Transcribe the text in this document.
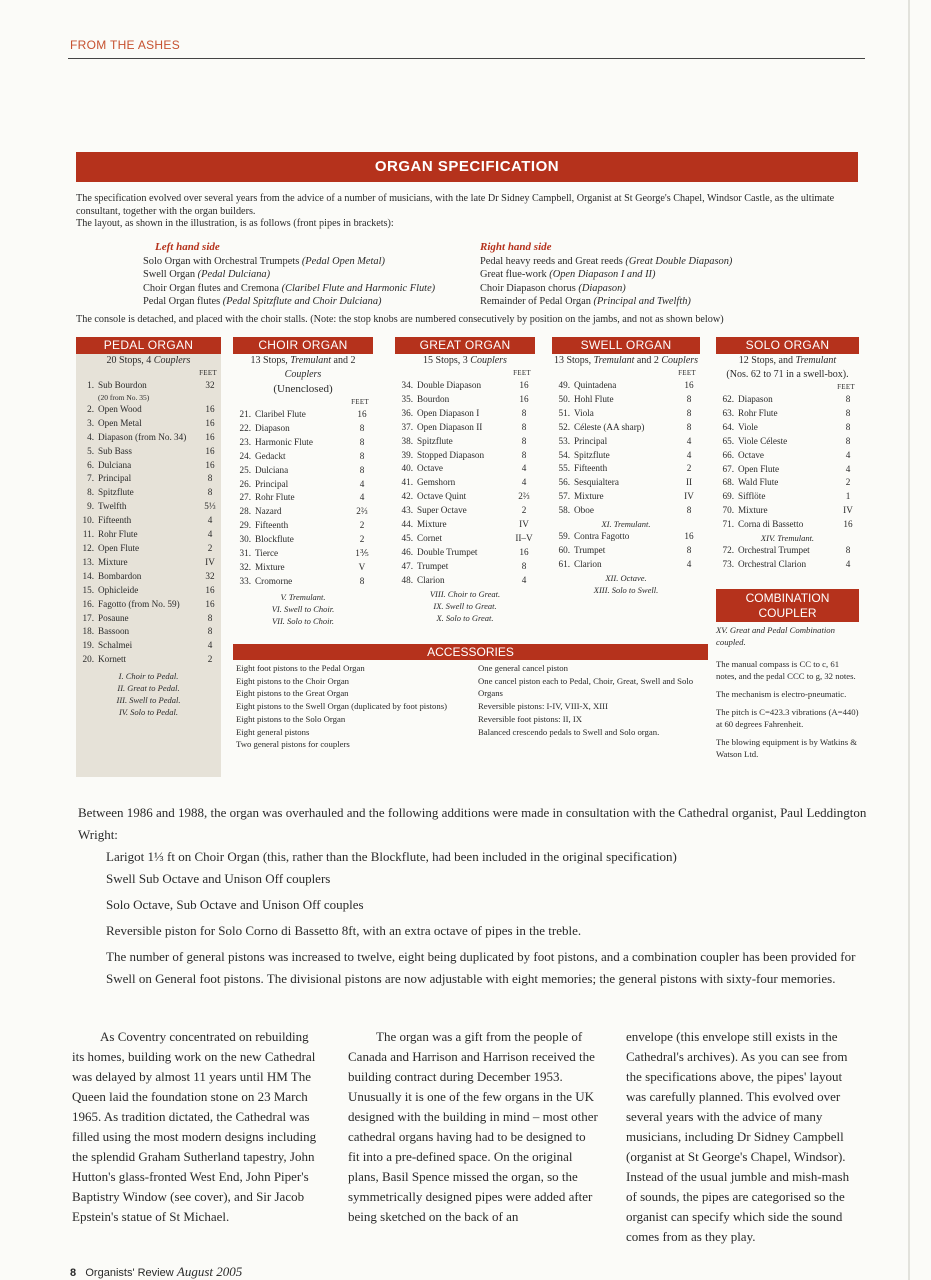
FROM THE ASHES
ORGAN SPECIFICATION
The specification evolved over several years from the advice of a number of musicians, with the late Dr Sidney Campbell, Organist at St George's Chapel, Windsor Castle, as the ultimate consultant, together with the organ builders.
The layout, as shown in the illustration, is as follows (front pipes in brackets):
Left hand side
Solo Organ with Orchestral Trumpets (Pedal Open Metal)
Swell Organ (Pedal Dulciana)
Choir Organ flutes and Cremona (Claribel Flute and Harmonic Flute)
Pedal Organ flutes (Pedal Spitzflute and Choir Dulciana)
Right hand side
Pedal heavy reeds and Great reeds (Great Double Diapason)
Great flue-work (Open Diapason I and II)
Choir Diapason chorus (Diapason)
Remainder of Pedal Organ (Principal and Twelfth)
The console is detached, and placed with the choir stalls. (Note: the stop knobs are numbered consecutively by position on the jambs, and not as shown below)
PEDAL ORGAN
20 Stops, 4 Couplers
FEET
1. Sub Bourdon	32
(20 from No. 35)
2. Open Wood	16
3. Open Metal	16
4. Diapason (from No. 34)	16
5. Sub Bass	16
6. Dulciana	16
7. Principal	8
8. Spitzflute	8
9. Twelfth	5⅓
10. Fifteenth	4
11. Rohr Flute	4
12. Open Flute	2
13. Mixture	IV
14. Bombardon	32
15. Ophicleide	16
16. Fagotto (from No. 59)	16
17. Posaune	8
18. Bassoon	8
19. Schalmei	4
20. Kornett	2
I. Choir to Pedal.
II. Great to Pedal.
III. Swell to Pedal.
IV. Solo to Pedal.
CHOIR ORGAN
13 Stops, Tremulant and 2 Couplers
(Unenclosed)
FEET
21. Claribel Flute	16
22. Diapason	8
23. Harmonic Flute	8
24. Gedackt	8
25. Dulciana	8
26. Principal	4
27. Rohr Flute	4
28. Nazard	2⅔
29. Fifteenth	2
30. Blockflute	2
31. Tierce	1⅗
32. Mixture	V
33. Cromorne	8
V. Tremulant.
VI. Swell to Choir.
VII. Solo to Choir.
GREAT ORGAN
15 Stops, 3 Couplers
FEET
34. Double Diapason	16
35. Bourdon	16
36. Open Diapason I	8
37. Open Diapason II	8
38. Spitzflute	8
39. Stopped Diapason	8
40. Octave	4
41. Gemshorn	4
42. Octave Quint	2⅔
43. Super Octave	2
44. Mixture	IV
45. Cornet	II–V
46. Double Trumpet	16
47. Trumpet	8
48. Clarion	4
VIII. Choir to Great.
IX. Swell to Great.
X. Solo to Great.
SWELL ORGAN
13 Stops, Tremulant and 2 Couplers
FEET
49. Quintadena	16
50. Hohl Flute	8
51. Viola	8
52. Céleste (AA sharp)	8
53. Principal	4
54. Spitzflute	4
55. Fifteenth	2
56. Sesquialtera	II
57. Mixture	IV
58. Oboe	8
XI. Tremulant.
59. Contra Fagotto	16
60. Trumpet	8
61. Clarion	4
XII. Octave.
XIII. Solo to Swell.
SOLO ORGAN
12 Stops, and Tremulant
(Nos. 62 to 71 in a swell-box).
FEET
62. Diapason	8
63. Rohr Flute	8
64. Viole	8
65. Viole Céleste	8
66. Octave	4
67. Open Flute	4
68. Wald Flute	2
69. Sifflöte	1
70. Mixture	IV
71. Corna di Bassetto	16
XIV. Tremulant.
72. Orchestral Trumpet	8
73. Orchestral Clarion	4
ACCESSORIES
Eight foot pistons to the Pedal Organ
Eight pistons to the Choir Organ
Eight pistons to the Great Organ
Eight pistons to the Swell Organ (duplicated by foot pistons)
Eight pistons to the Solo Organ
Eight general pistons
Two general pistons for couplers
One general cancel piston
One cancel piston each to Pedal, Choir, Great, Swell and Solo Organs
Reversible pistons: I-IV, VIII-X, XIII
Reversible foot pistons: II, IX
Balanced crescendo pedals to Swell and Solo organ.
COMBINATION
COUPLER

XV. Great and Pedal Combination coupled.

The manual compass is CC to c, 61 notes, and the pedal CCC to g, 32 notes.

The mechanism is electro-pneumatic.

The pitch is C=423.3 vibrations (A=440) at 60 degrees Fahrenheit.

The blowing equipment is by Watkins & Watson Ltd.

Between 1986 and 1988, the organ was overhauled and the following additions were made in consultation with the Cathedral organist, Paul Leddington Wright:
Larigot 1⅓ ft on Choir Organ (this, rather than the Blockflute, had been included in the original specification)
Swell Sub Octave and Unison Off couplers
Solo Octave, Sub Octave and Unison Off couples
Reversible piston for Solo Corno di Bassetto 8ft, with an extra octave of pipes in the treble.
The number of general pistons was increased to twelve, eight being duplicated by foot pistons, and a combination coupler has been provided for Swell on General foot pistons. The divisional pistons are now adjustable with eight memories; the general pistons with sixty-four memories.
As Coventry concentrated on rebuilding its homes, building work on the new Cathedral was delayed by almost 11 years until HM The Queen laid the foundation stone on 23 March 1965. As tradition dictated, the Cathedral was filled using the most modern designs including the splendid Graham Sutherland tapestry, John Hutton's glass-fronted West End, John Piper's Baptistry Window (see cover), and Sir Jacob Epstein's statue of St Michael.
The organ was a gift from the people of Canada and Harrison and Harrison received the building contract during December 1953. Unusually it is one of the few organs in the UK designed with the building in mind – most other cathedral organs having had to be designed to fit into a pre-defined space. On the original plans, Basil Spence missed the organ, so the symmetrically designed pipes were added after being sketched on the back of an
envelope (this envelope still exists in the Cathedral's archives). As you can see from the specifications above, the pipes' layout was carefully planned. This evolved over several years with the advice of many musicians, including Dr Sidney Campbell (organist at St George's Chapel, Windsor). Instead of the usual jumble and mish-mash of sounds, the pipes are categorised so the organist can specify which side the sound comes from as they play.
8 Organists' Review August 2005
